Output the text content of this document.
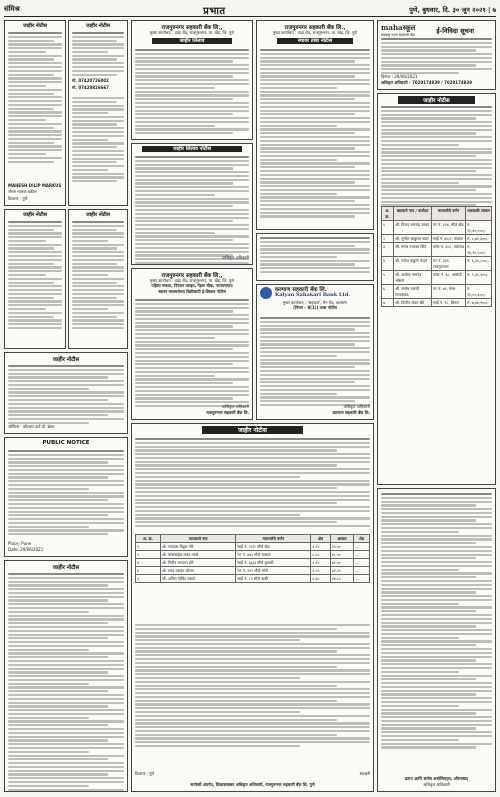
संमिश्र	प्रभात	पुणे, बुधवार, दि. ३० जून २०२१ | ७
जाहीर नोटीस
MAHESH DILIP MARKUS
जंगल मालक वकील
ठिकाण : पुणे
जाहीर नोटीस
मो. 07420726002
मो. 07420826667
जाहीर नोटीस	जाहीर नोटीस
जाहीर नोटीस
ऑफिस - कौशल्य दावे प्रो. ब्रेकर
PUBLIC NOTICE
Place: Pune
Date: 29/06/2021
जाहीर नोटीस
राजगुरुनगर सहकारी बँक लि.,
मुख्य कार्यालय : वाडा रोड, राजगुरुनगर, ता. खेड, जि. पुणे
जाहीर लिलाव
जाहीर लिलाव नोटीस
प्राधिकृत अधिकारी
राजगुरुनगर सहकारी बँक लि.,
मुख्य कार्यालय : वाडा रोड, राजगुरुनगर, ता. खेड, जि. पुणे
पहिला मजला, निरंजन प्लाझा, नेहरू चौक, नारायणगाव
स्थावर मालमत्तेच्या विक्रीसाठी ई-लिलाव नोटीस
प्राधिकृत अधिकारी
राजगुरुनगर सहकारी बँक लि.
राजगुरुनगर सहकारी बँक लि.,
मुख्य कार्यालय : वाडा रोड, राजगुरुनगर, ता. खेड, जि. पुणे
स्थावर ताबा नोटीस
कल्याण सहकारी बँक लि.
Kalyan Sahakari Bank Ltd.
मुख्य कार्यालय : 'सहकार', मेन रोड, कल्याण
(नियम - 8(1)) ताबा नोटीस
अधिकृत अधिकारी
कल्याण सहकारी बँक लि.
mahaस्कूल
महाराष्ट्र राज्य सहकारी बँक	ई-निविदा सूचना
दिनांक : 29/06/2021
अधिकृत अधिकारी - 7020174839 / 7020174839
जाहीर नोटीस
अ. क्र.	खात्याचे नाव / कर्जदार	मालमत्तेचे वर्णन	थकबाकी रक्कम
१	श्री. विजय रामचंद्र जाधव	गट नं. १२४, मौजे खेड	रु. १२,४५,०००/-
२	श्री. सुनील बाबुराव पवार	सर्व्हे नं. ४५/२, चाकण	रु. ८,७२,३००/-
३	सौ. मंगल दत्तात्रय शिंदे	फ्लॅट नं. ३०२, तळेगाव	रु. १४,१०,५००/-
४	श्री. गणेश पांडुरंग कदम	गट नं. ३३१, राजगुरुनगर	रु. ६,५५,८००/-
५	श्री. अशोक नामदेव भोसले	प्लॉट नं. १८, आळंदी	रु. ९,३०,२००/-
६	श्री. संतोष मारुती गायकवाड	गट नं. ७२, मंचर	रु. ११,०५,६००/-
७	श्री. दिलीप शंकर खैरे	सर्व्हे नं. ९८, शिरूर	रु. ७,४४,९००/-
प्रताप आणि संतोष असोसिएट्स, औरंगाबाद
अधिकृत अधिकारी
जाहीर नोटीस
अ. क्र.	मालकाचे नाव	मालमत्तेचे वर्णन	क्षेत्र	आकार	शेरा
१	श्री. रामदास विठ्ठल गोरे	सर्व्हे नं. १२/१ मौजे खेड	१.२०	२५.००	—
२	श्री. बाबासाहेब शंकर नवले	गट नं. ४४५ मौजे चाकण	०.८०	१८.५०	—
३	श्री. नितीन भगवान ढोरे	सर्व्हे नं. ६७/३ मौजे कुरुळी	२.१०	४२.००	—
४	श्री. शरद यशवंत थोरात	गट नं. २११ मौजे भोसे	१.५५	३१.२०	—
५	श्री. अनिल गोविंद लांडगे	सर्व्हे नं. ८९ मौजे वाकी	०.६५	१४.८०	—
ठिकाण : पुणे	स्वाक्षरी
सरफेसी अंतर्गत, लिलावाबाबत अधिकृत अधिकारी, राजगुरुनगर सहकारी बँक लि. पुणे
